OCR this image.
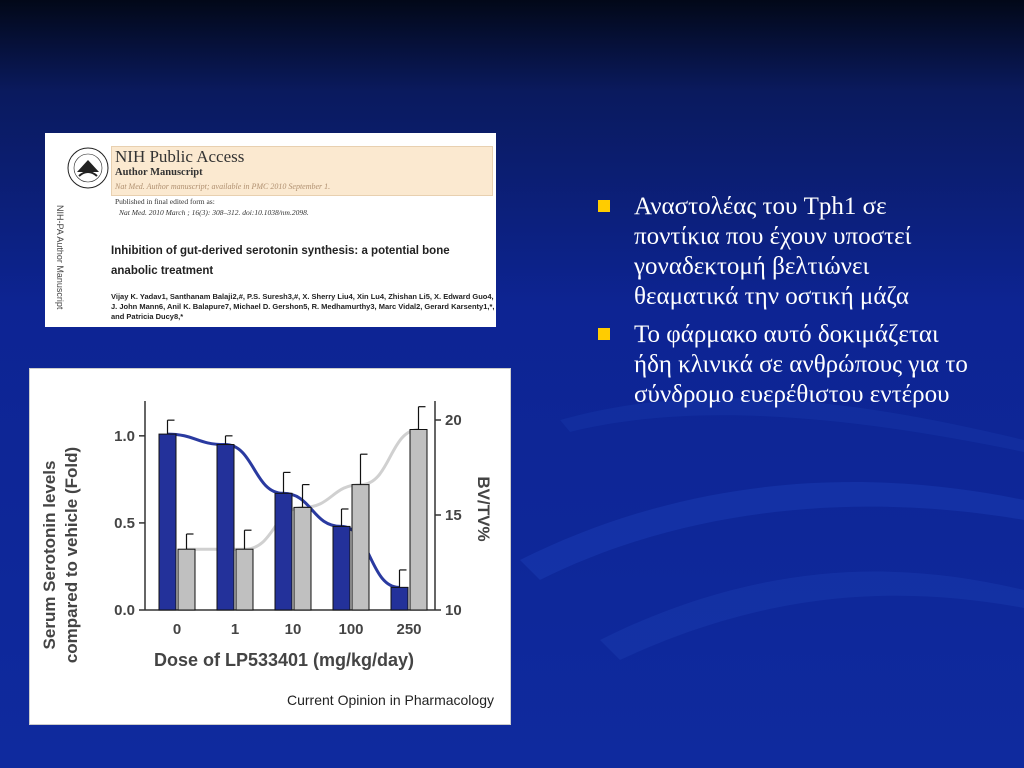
NIH Public Access
Author Manuscript
Nat Med. Author manuscript; available in PMC 2010 September 1.
Published in final edited form as:
Nat Med. 2010 March ; 16(3): 308–312. doi:10.1038/nm.2098.
NIH-PA Author Manuscript	Inhibition of gut-derived serotonin synthesis: a potential bone anabolic treatment
Vijay K. Yadav1, Santhanam Balaji2,#, P.S. Suresh3,#, X. Sherry Liu4, Xin Lu4, Zhishan Li5, X. Edward Guo4, J. John Mann6, Anil K. Balapure7, Michael D. Gershon5, R. Medhamurthy3, Marc Vidal2, Gerard Karsenty1,*, and Patricia Ducy8,*
0.0
0.5
1.0
10
15
20
0	1	10 100 250
Serum Serotonin levels compared to vehicle (Fold)	BV/TV%
Dose of LP533401 (mg/kg/day)
Current Opinion in Pharmacology
Αναστολέας του Tph1 σε ποντίκια που έχουν υποστεί γοναδεκτομή βελτιώνει θεαματικά την οστική μάζα
Το φάρμακο αυτό δοκιμάζεται ήδη κλινικά σε ανθρώπους για το σύνδρομο ευερέθιστου εντέρου
